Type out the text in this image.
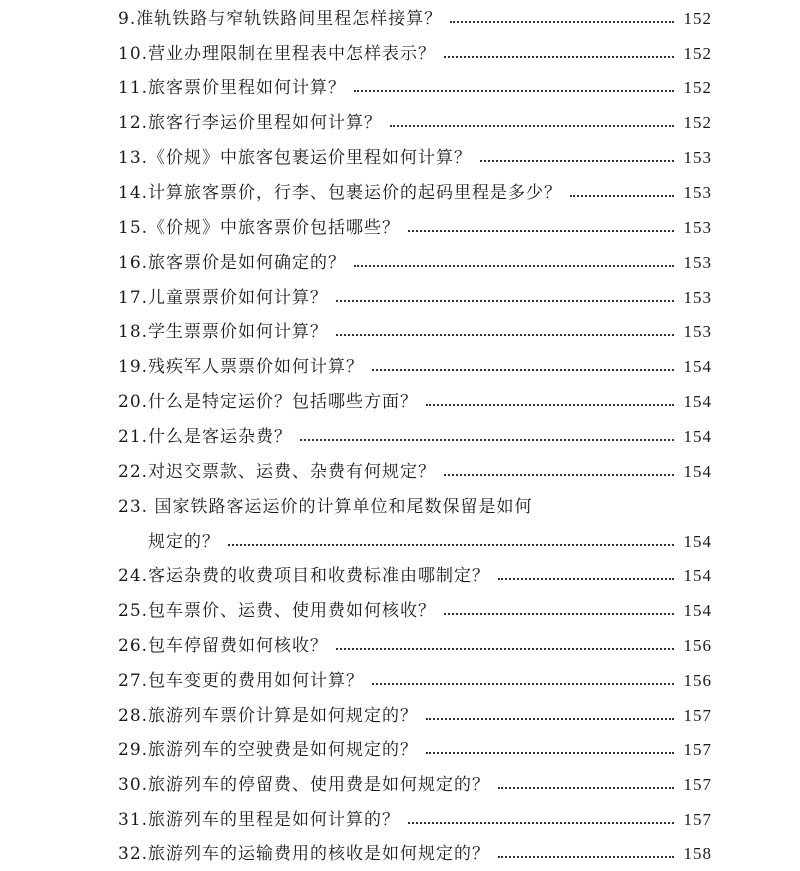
9. 准轨铁路与窄轨铁路间里程怎样接算？	152
10. 营业办理限制在里程表中怎样表示？	152
11. 旅客票价里程如何计算？	152
12. 旅客行李运价里程如何计算？	152
13. 《价规》中旅客包裹运价里程如何计算？	153
14. 计算旅客票价，行李、包裹运价的起码里程是多少？	153
15. 《价规》中旅客票价包括哪些？	153
16. 旅客票价是如何确定的？	153
17. 儿童票票价如何计算？	153
18. 学生票票价如何计算？	153
19. 残疾军人票票价如何计算？	154
20. 什么是特定运价？包括哪些方面？	154
21. 什么是客运杂费？	154
22. 对迟交票款、运费、杂费有何规定？	154
23. 国家铁路客运运价的计算单位和尾数保留是如何
规定的？	154
24. 客运杂费的收费项目和收费标准由哪制定？	154
25. 包车票价、运费、使用费如何核收？	154
26. 包车停留费如何核收？	156
27. 包车变更的费用如何计算？	156
28. 旅游列车票价计算是如何规定的？	157
29. 旅游列车的空驶费是如何规定的？	157
30. 旅游列车的停留费、使用费是如何规定的？	157
31. 旅游列车的里程是如何计算的？	157
32. 旅游列车的运输费用的核收是如何规定的？	158
